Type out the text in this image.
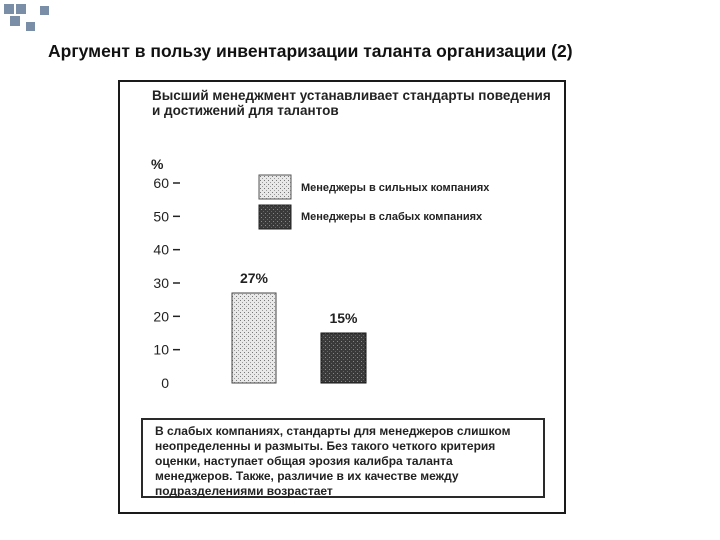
Аргумент в пользу инвентаризации таланта организации (2)
Высший менеджмент устанавливает стандарты поведения и достижений для талантов
%
0
10
20
30
40
50
60	Менеджеры в сильных компаниях
Менеджеры в слабых компаниях
27%
15%
В слабых компаниях, стандарты для менеджеров слишком неопределенны и размыты. Без такого четкого критерия оценки, наступает общая эрозия калибра таланта менеджеров. Также, различие в их качестве между подразделениями возрастает
